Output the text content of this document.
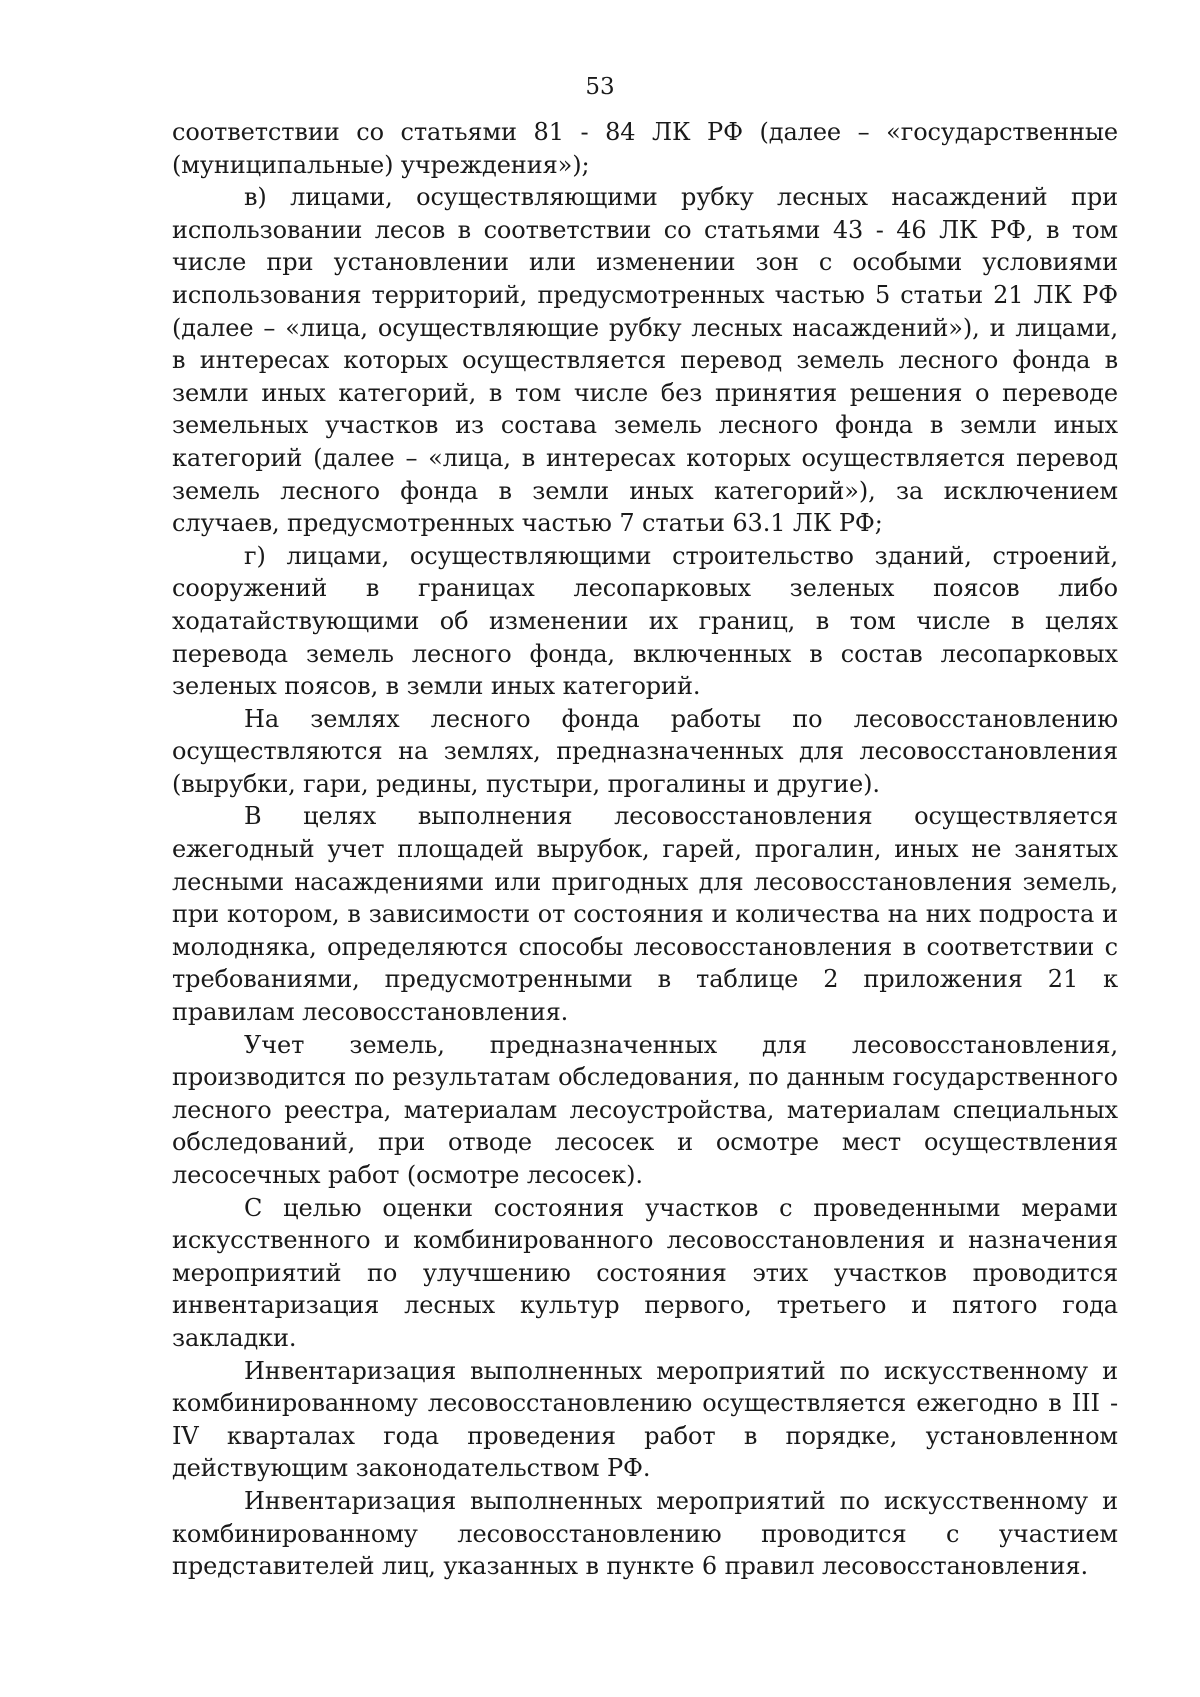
53

соответствии со статьями 81 - 84 ЛК РФ (далее – «государственные (муниципальные) учреждения»);

в) лицами, осуществляющими рубку лесных насаждений при использовании лесов в соответствии со статьями 43 - 46 ЛК РФ, в том числе при установлении или изменении зон с особыми условиями использования территорий, предусмотренных частью 5 статьи 21 ЛК РФ (далее – «лица, осуществляющие рубку лесных насаждений»), и лицами, в интересах которых осуществляется перевод земель лесного фонда в земли иных категорий, в том числе без принятия решения о переводе земельных участков из состава земель лесного фонда в земли иных категорий (далее – «лица, в интересах которых осуществляется перевод земель лесного фонда в земли иных категорий»), за исключением случаев, предусмотренных частью 7 статьи 63.1 ЛК РФ;

г) лицами, осуществляющими строительство зданий, строений, сооружений в границах лесопарковых зеленых поясов либо ходатайствующими об изменении их границ, в том числе в целях перевода земель лесного фонда, включенных в состав лесопарковых зеленых поясов, в земли иных категорий.

На землях лесного фонда работы по лесовосстановлению осуществляются на землях, предназначенных для лесовосстановления (вырубки, гари, редины, пустыри, прогалины и другие).

В целях выполнения лесовосстановления осуществляется ежегодный учет площадей вырубок, гарей, прогалин, иных не занятых лесными насаждениями или пригодных для лесовосстановления земель, при котором, в зависимости от состояния и количества на них подроста и молодняка, определяются способы лесовосстановления в соответствии с требованиями, предусмотренными в таблице 2 приложения 21 к правилам лесовосстановления.

Учет земель, предназначенных для лесовосстановления, производится по результатам обследования, по данным государственного лесного реестра, материалам лесоустройства, материалам специальных обследований, при отводе лесосек и осмотре мест осуществления лесосечных работ (осмотре лесосек).

С целью оценки состояния участков с проведенными мерами искусственного и комбинированного лесовосстановления и назначения мероприятий по улучшению состояния этих участков проводится инвентаризация лесных культур первого, третьего и пятого года закладки.

Инвентаризация выполненных мероприятий по искусственному и комбинированному лесовосстановлению осуществляется ежегодно в III - IV кварталах года проведения работ в порядке, установленном действующим законодательством РФ.

Инвентаризация выполненных мероприятий по искусственному и комбинированному лесовосстановлению проводится с участием представителей лиц, указанных в пункте 6 правил лесовосстановления.
